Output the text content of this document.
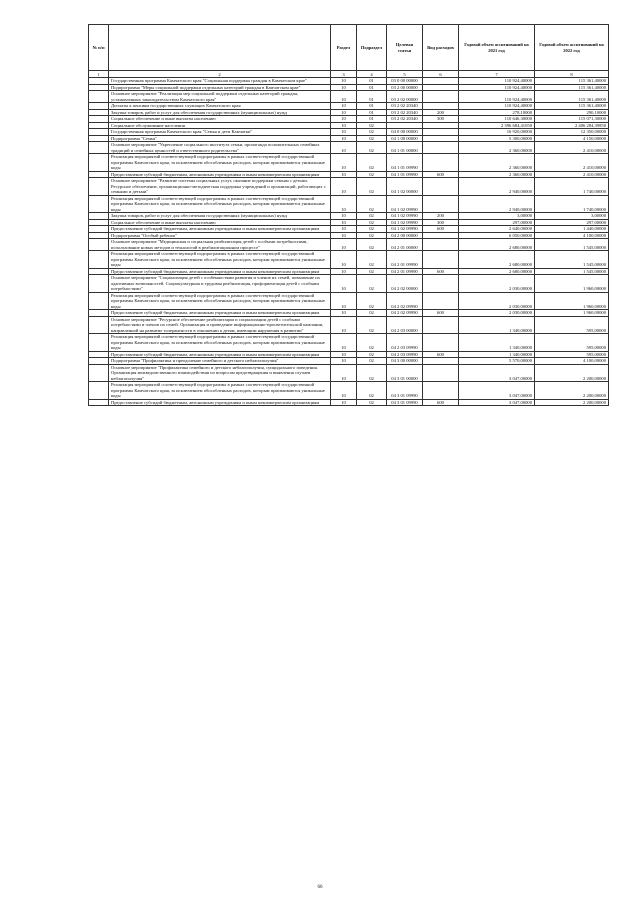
№ п/п		Раздел	Подраздел	Целевая статья	Вид расходов	Годовой объем ассигнований на 2021 год	Годовой объем ассигнований на 2022 год
1	2	3	4	5	6	7	8
	Государственная программа Камчатского края "Социальная поддержка граждан в Камчатском крае"	10	01	03 0 00 00000		110 924,40000	115 361,40000
	Подпрограмма "Меры социальной поддержки отдельных категорий граждан в Камчатском крае"	10	01	03 2 00 00000		110 924,40000	115 361,40000
	Основное мероприятие "Реализация мер социальной поддержки отдельных категорий граждан, установленных законодательством Камчатского края"	10	01	03 2 02 00000		110 924,40000	115 361,40000
	Доплаты к пенсиям государственных служащих Камчатского края	10	01	03 2 02 20340		110 924,40000	115 361,40000
	Закупка товаров, работ и услуг для обеспечения государственных (муниципальных) нужд	10	01	03 2 02 20340	200	278,10000	290,10000
	Социальное обеспечение и иные выплаты населению	10	01	03 2 02 20340	300	110 646,30000	115 071,30000
	Социальное обслуживание населения	10	02			2 396 684,41050	2 406 284,39850
	Государственная программа Камчатского края "Семья и дети Камчатки"	10	02	04 0 00 00000		16 920,00000	12 350,00000
	Подпрограмма "Семья"	10	02	04 1 00 00000		5 300,00000	4 150,00000
	Основное мероприятие "Укрепление социального института семьи, пропаганда положительных семейных традиций и семейных ценностей и ответственного родительства"	10	02	04 1 01 00000		2 360,00000	2 410,00000
	Реализация мероприятий соответствующей подпрограммы в рамках соответствующей государственной программы Камчатского края, за исключением обособленных расходов, которым присваиваются уникальные коды	10	02	04 1 01 09990		2 360,00000	2 410,00000
	Предоставление субсидий бюджетным, автономным учреждениям и иным некоммерческим организациям	10	02	04 1 01 09990	600	2 360,00000	2 410,00000
	Основное мероприятие "Развитие системы социальных услуг, оказание поддержки семьям с детьми. Ресурсное обеспечение, организационно-методическая поддержка учреждений и организаций, работающих с семьями и детьми"	10	02	04 1 02 00000		2 940,00000	1 740,00000
	Реализация мероприятий соответствующей подпрограммы в рамках соответствующей государственной программы Камчатского края, за исключением обособленных расходов, которым присваиваются уникальные коды	10	02	04 1 02 09990		2 940,00000	1 740,00000
	Закупка товаров, работ и услуг для обеспечения государственных (муниципальных) нужд	10	02	04 1 02 09990	200	3,00000	3,00000
	Социальное обеспечение и иные выплаты населению	10	02	04 1 02 09990	300	297,00000	297,00000
	Предоставление субсидий бюджетным, автономным учреждениям и иным некоммерческим организациям	10	02	04 1 02 09990	600	2 640,00000	1 440,00000
	Подпрограмма "Особый ребенок"	10	02	04 2 00 00000		6 050,00000	4 100,00000
	Основное мероприятие "Медицинская и социальная реабилитация детей с особыми потребностями, использование новых методов и технологий в реабилитационном процессе"	10	02	04 2 01 00000		2 680,00000	1 545,00000
	Реализация мероприятий соответствующей подпрограммы в рамках соответствующей государственной программы Камчатского края, за исключением обособленных расходов, которым присваиваются уникальные коды	10	02	04 2 01 09990		2 680,00000	1 545,00000
	Предоставление субсидий бюджетным, автономным учреждениям и иным некоммерческим организациям	10	02	04 2 01 09990	600	2 680,00000	1 545,00000
	Основное мероприятие "Социализация детей с особенностями развития и членов их семей, повышение их адаптивных возможностей. Социокультурная и трудовая реабилитация, профориентация детей с особыми потребностями"	10	02	04 2 02 00000		2 030,00000	1 960,00000
	Реализация мероприятий соответствующей подпрограммы в рамках соответствующей государственной программы Камчатского края, за исключением обособленных расходов, которым присваиваются уникальные коды	10	02	04 2 02 09990		2 030,00000	1 960,00000
	Предоставление субсидий бюджетным, автономным учреждениям и иным некоммерческим организациям	10	02	04 2 02 09990	600	2 030,00000	1 960,00000
	Основное мероприятие "Ресурсное обеспечение реабилитации и социализации детей с особыми потребностями и членов их семей. Организация и проведение информационно-просветительской кампании, направленной на развитие толерантности в отношении к детям, имеющим нарушения в развитии"	10	02	04 2 03 00000		1 340,00000	595,00000
	Реализация мероприятий соответствующей подпрограммы в рамках соответствующей государственной программы Камчатского края, за исключением обособленных расходов, которым присваиваются уникальные коды	10	02	04 2 03 09990		1 340,00000	595,00000
	Предоставление субсидий бюджетным, автономным учреждениям и иным некоммерческим организациям	10	02	04 2 03 09990	600	1 340,00000	595,00000
	Подпрограмма "Профилактика и преодоление семейного и детского неблагополучия"	10	02	04 3 00 00000		5 570,00000	4 100,00000
	Основное мероприятие "Профилактика семейного и детского неблагополучия, суицидального поведения. Организация межведомственного взаимодействия по вопросам предотвращения и выявления случаев неблагополучия"	10	02	04 3 01 00000		3 047,00000	2 200,00000
	Реализация мероприятий соответствующей подпрограммы в рамках соответствующей государственной программы Камчатского края, за исключением обособленных расходов, которым присваиваются уникальные коды	10	02	04 3 01 09990		3 047,00000	2 200,00000
	Предоставление субсидий бюджетным, автономным учреждениям и иным некоммерческим организациям	10	02	04 3 01 09990	600	3 047,00000	2 200,00000
66
